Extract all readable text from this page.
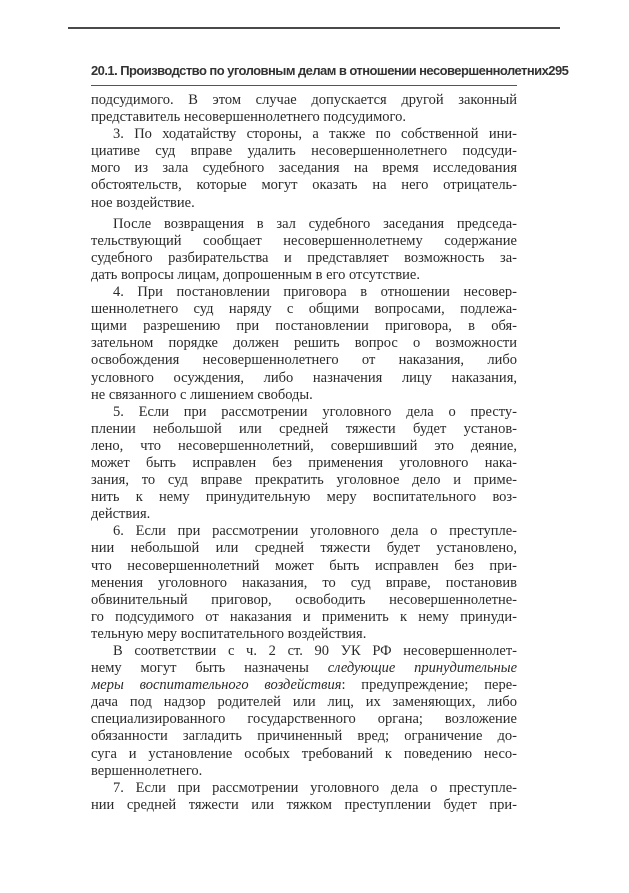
20.1. Производство по уголовным делам в отношении несовершеннолетних 295
подсудимого. В этом случае допускается другой законный
представитель несовершеннолетнего подсудимого.
3. По ходатайству стороны, а также по собственной ини-
циативе суд вправе удалить несовершеннолетнего подсуди-
мого из зала судебного заседания на время исследования
обстоятельств, которые могут оказать на него отрицатель-
ное воздействие.
После возвращения в зал судебного заседания председа-
тельствующий сообщает несовершеннолетнему содержание
судебного разбирательства и представляет возможность за-
дать вопросы лицам, допрошенным в его отсутствие.
4. При постановлении приговора в отношении несовер-
шеннолетнего суд наряду с общими вопросами, подлежа-
щими разрешению при постановлении приговора, в обя-
зательном порядке должен решить вопрос о возможности
освобождения несовершеннолетнего от наказания, либо
условного осуждения, либо назначения лицу наказания,
не связанного с лишением свободы.
5. Если при рассмотрении уголовного дела о престу-
плении небольшой или средней тяжести будет установ-
лено, что несовершеннолетний, совершивший это деяние,
может быть исправлен без применения уголовного нака-
зания, то суд вправе прекратить уголовное дело и приме-
нить к нему принудительную меру воспитательного воз-
действия.
6. Если при рассмотрении уголовного дела о преступле-
нии небольшой или средней тяжести будет установлено,
что несовершеннолетний может быть исправлен без при-
менения уголовного наказания, то суд вправе, постановив
обвинительный приговор, освободить несовершеннолетне-
го подсудимого от наказания и применить к нему принуди-
тельную меру воспитательного воздействия.
В соответствии с ч. 2 ст. 90 УК РФ несовершеннолет-
нему могут быть назначены следующие принудительные
меры воспитательного воздействия: предупреждение; пере-
дача под надзор родителей или лиц, их заменяющих, либо
специализированного государственного органа; возложение
обязанности загладить причиненный вред; ограничение до-
суга и установление особых требований к поведению несо-
вершеннолетнего.
7. Если при рассмотрении уголовного дела о преступле-
нии средней тяжести или тяжком преступлении будет при-
